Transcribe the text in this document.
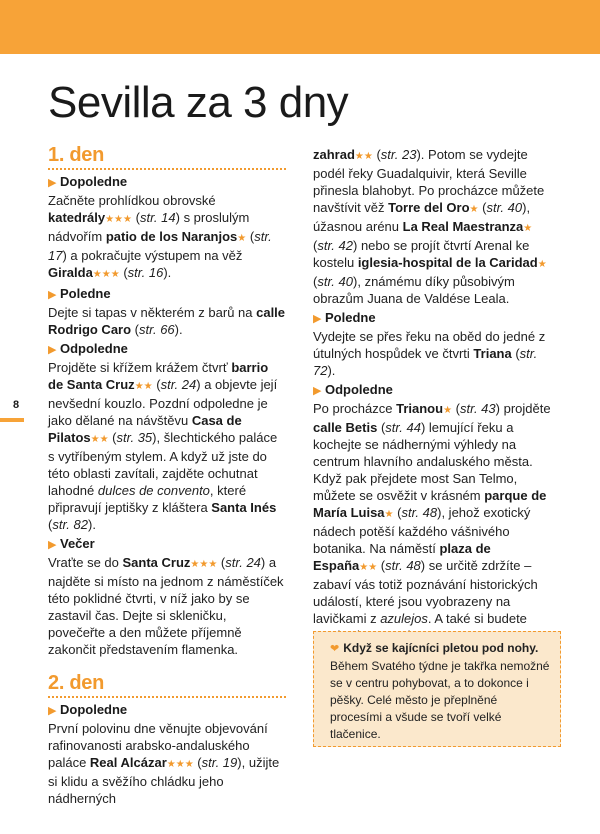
Sevilla za 3 dny
8
1. den
▶ Dopoledne

Začněte prohlídkou obrovské katedrály★★★ (str. 14) s proslulým nádvořím patio de los Naranjos★ (str. 17) a pokračujte výstupem na věž Giralda★★★ (str. 16).

▶ Poledne

Dejte si tapas v některém z barů na calle Rodrigo Caro (str. 66).

▶ Odpoledne

Projděte si křížem krážem čtvrť barrio de Santa Cruz★★ (str. 24) a objevte její nevšední kouzlo. Pozdní odpoledne je jako dělané na návštěvu Casa de Pilatos★★ (str. 35), šlechtického paláce s vytříbeným stylem. A když už jste do této oblasti zavítali, zajděte ochutnat lahodné dulces de convento, které připravují jeptišky z kláštera Santa Inés (str. 82).

▶ Večer

Vraťte se do Santa Cruz★★★ (str. 24) a najděte si místo na jednom z náměstíček této poklidné čtvrti, v níž jako by se zastavil čas. Dejte si skleničku, povečeřte a den můžete příjemně zakončit představením flamenka.

2. den
▶ Dopoledne

První polovinu dne věnujte objevování rafinovanosti arabsko-andaluského paláce Real Alcázar★★★ (str. 19), užijte si klidu a svěžího chládku jeho nádherných

zahrad★★ (str. 23). Potom se vydejte podél řeky Guadalquivir, která Seville přinesla blahobyt. Po procházce můžete navštívit věž Torre del Oro★ (str. 40), úžasnou arénu La Real Maestranza★ (str. 42) nebo se projít čtvrtí Arenal ke kostelu iglesia-hospital de la Caridad★ (str. 40), známému díky působivým obrazům Juana de Valdése Leala.

▶ Poledne

Vydejte se přes řeku na oběd do jedné z útulných hospůdek ve čtvrti Triana (str. 72).

▶ Odpoledne

Po procházce Trianou★ (str. 43) projděte calle Betis (str. 44) lemující řeku a kochejte se nádhernými výhledy na centrum hlavního andaluského města. Když pak přejdete most San Telmo, můžete se osvěžit v krásném parque de María Luisa★ (str. 48), jehož exotický nádech potěší každého vášnivého botanika. Na náměstí plaza de España★★ (str. 48) se určitě zdržíte – zabaví vás totiž poznávání historických událostí, které jsou vyobrazeny na lavičkami z azulejos. A také si budete

❤ Když se kajícníci pletou pod nohy. Během Svatého týdne je takřka nemožné se v centru pohybovat, a to dokonce i pěšky. Celé město je přeplněné procesími a všude se tvoří velké tlačenice.
